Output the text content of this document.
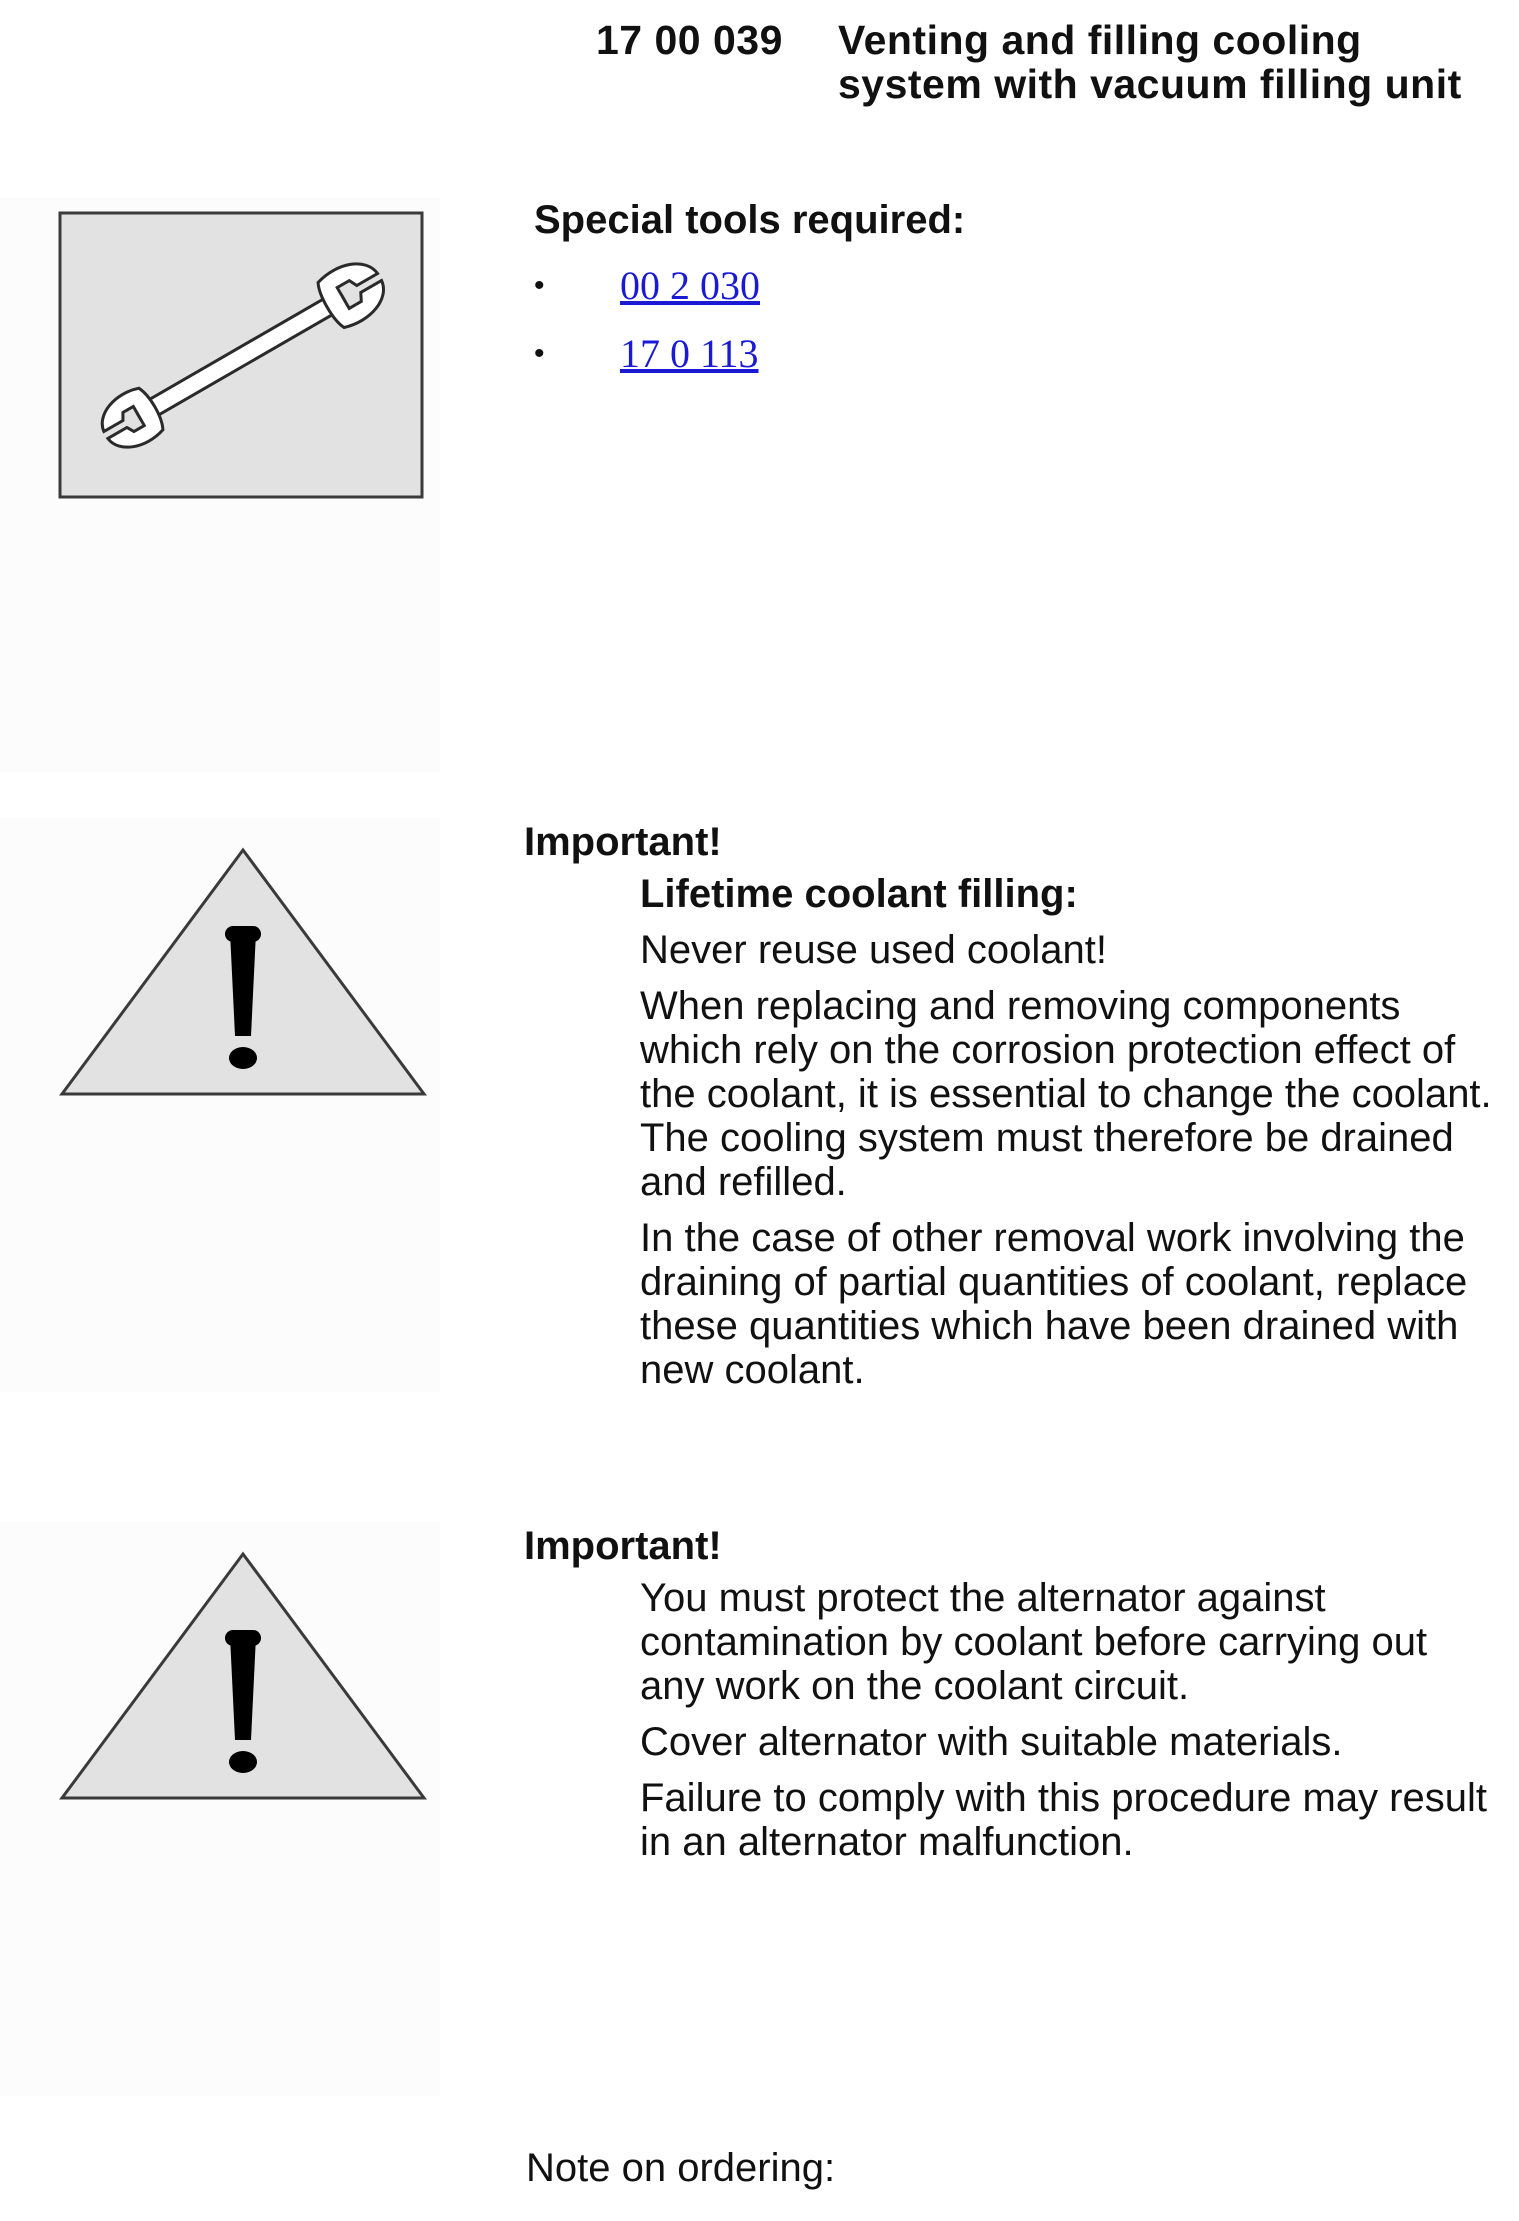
17 00 039 Venting and filling cooling system with vacuum filling unit
Special tools required:
• 00 2 030
• 17 0 113
Important!

Lifetime coolant filling:

Never reuse used coolant!

When replacing and removing components which rely on the corrosion protection effect of the coolant, it is essential to change the coolant. The cooling system must therefore be drained and refilled.

In the case of other removal work involving the draining of partial quantities of coolant, replace these quantities which have been drained with new coolant.

Important!

You must protect the alternator against contamination by coolant before carrying out any work on the coolant circuit.

Cover alternator with suitable materials.

Failure to comply with this procedure may result in an alternator malfunction.

Note on ordering:
